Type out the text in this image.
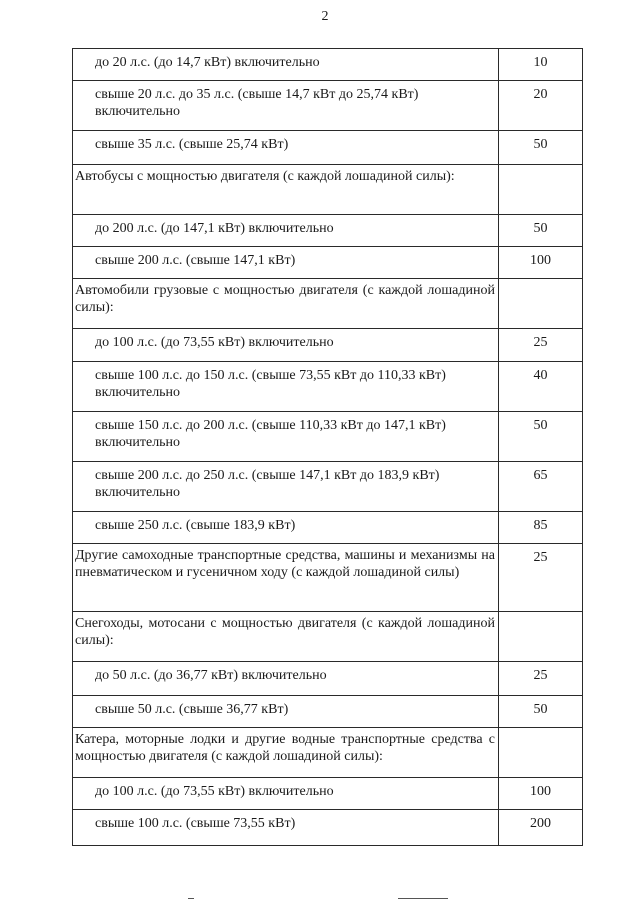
2
до 20 л.с. (до 14,7 кВт) включительно	10
свыше 20 л.с. до 35 л.с. (свыше 14,7 кВт до 25,74 кВт) включительно	20
свыше 35 л.с. (свыше 25,74 кВт)	50
Автобусы с мощностью двигателя (с каждой лошадиной силы):	
до 200 л.с. (до 147,1 кВт) включительно	50
свыше 200 л.с. (свыше 147,1 кВт)	100
Автомобили грузовые с мощностью двигателя (с каждой лошадиной силы):	
до 100 л.с. (до 73,55 кВт) включительно	25
свыше 100 л.с. до 150 л.с. (свыше 73,55 кВт до 110,33 кВт) включительно	40
свыше 150 л.с. до 200 л.с. (свыше 110,33 кВт до 147,1 кВт) включительно	50
свыше 200 л.с. до 250 л.с. (свыше 147,1 кВт до 183,9 кВт) включительно	65
свыше 250 л.с. (свыше 183,9 кВт)	85
Другие самоходные транспортные средства, машины и механизмы на пневматическом и гусеничном ходу (с каждой лошадиной силы)	25
Снегоходы, мотосани с мощностью двигателя (с каждой лошадиной силы):	
до 50 л.с. (до 36,77 кВт) включительно	25
свыше 50 л.с. (свыше 36,77 кВт)	50
Катера, моторные лодки и другие водные транспортные средства с мощностью двигателя (с каждой лошадиной силы):	
до 100 л.с. (до 73,55 кВт) включительно	100
свыше 100 л.с. (свыше 73,55 кВт)	200
